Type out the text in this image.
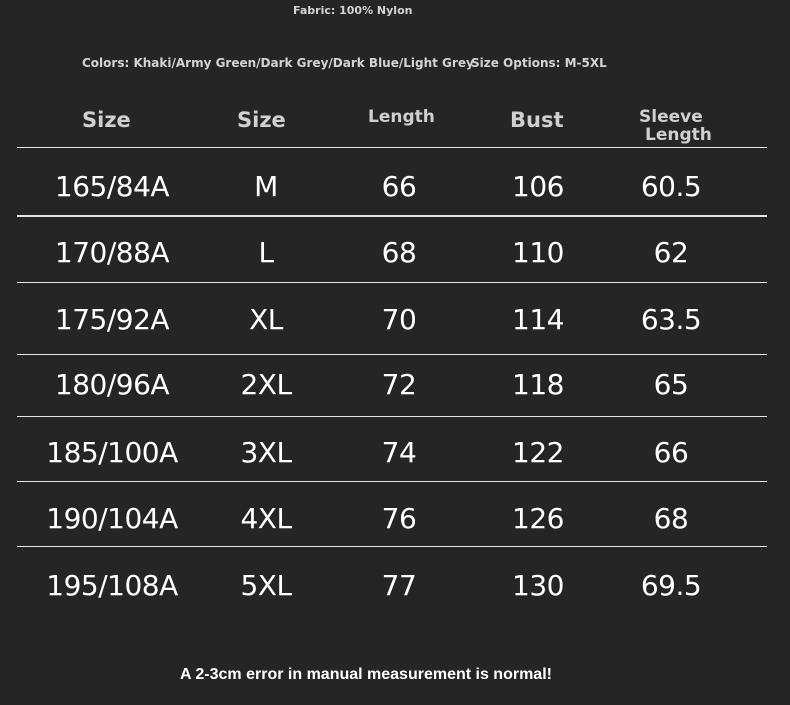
Fabric: 100% Nylon
Colors: Khaki/Army Green/Dark Grey/Dark Blue/Light Grey
Size Options: M-5XL
Size	Size	Length	Bust	Sleeve
Length
165/84A	M	66	106	60.5
170/88A	L	68	110	62
175/92A	XL	70	114	63.5
180/96A	2XL	72	118	65
185/100A 3XL	74	122	66
190/104A 4XL	76	126	68
195/108A 5XL	77	130	69.5
A 2-3cm error in manual measurement is normal!
